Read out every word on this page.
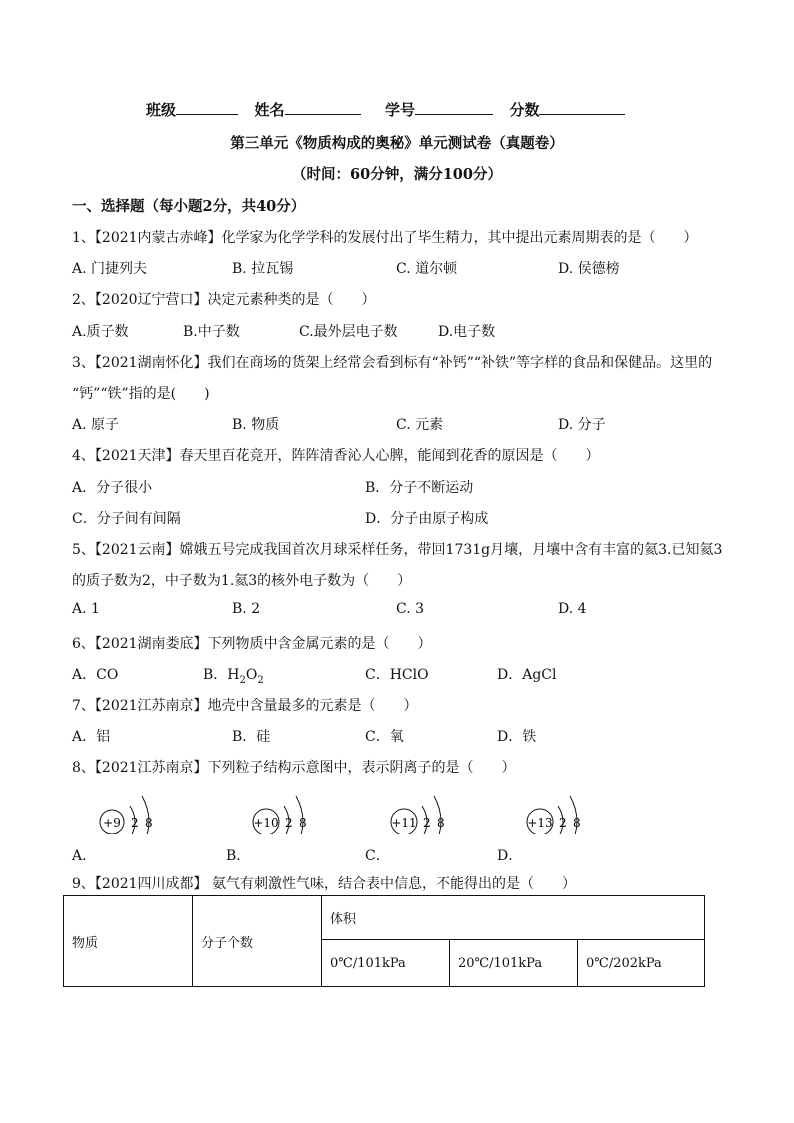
班级	姓名	学号	分数
第三单元《物质构成的奥秘》单元测试卷（真题卷）
（时间：60分钟，满分100分）
一、选择题（每小题2分，共40分）
1、【2021内蒙古赤峰】化学家为化学学科的发展付出了毕生精力，其中提出元素周期表的是（　　）
A. 门捷列夫	B. 拉瓦锡	C. 道尔顿	D. 侯德榜
2、【2020辽宁营口】决定元素种类的是（　　）
A.质子数	B.中子数	C.最外层电子数	D.电子数
3、【2021湖南怀化】我们在商场的货架上经常会看到标有“补钙”“补铁”等字样的食品和保健品。这里的
“钙”“铁”指的是(　　)
A. 原子	B. 物质	C. 元素	D. 分子
4、【2021天津】春天里百花竞开，阵阵清香沁人心脾，能闻到花香的原因是（　　）
A．分子很小	B．分子不断运动
C．分子间有间隔	D．分子由原子构成
5、【2021云南】嫦娥五号完成我国首次月球采样任务，带回1731g月壤，月壤中含有丰富的氦3.已知氦3
的质子数为2，中子数为1.氦3的核外电子数为（　　）
A. 1	B. 2	C. 3	D. 4
6、【2021湖南娄底】下列物质中含金属元素的是（　　）
A．CO	B．$H_2O_2$	C．HClO	D．AgCl
7、【2021江苏南京】地壳中含量最多的元素是（　　）
A．铝	B．硅	C．氧	D．铁
8、【2021江苏南京】下列粒子结构示意图中，表示阴离子的是（　　）
+9 2 8	+10 2 8	+11 2 8	+13 2 8
A．	B．	C．	D．
9、【2021四川成都】 氨气有刺激性气味，结合表中信息，不能得出的是（　　）
物质	分子个数	体积		
		0℃/101kPa	20℃/101kPa	0℃/202kPa
